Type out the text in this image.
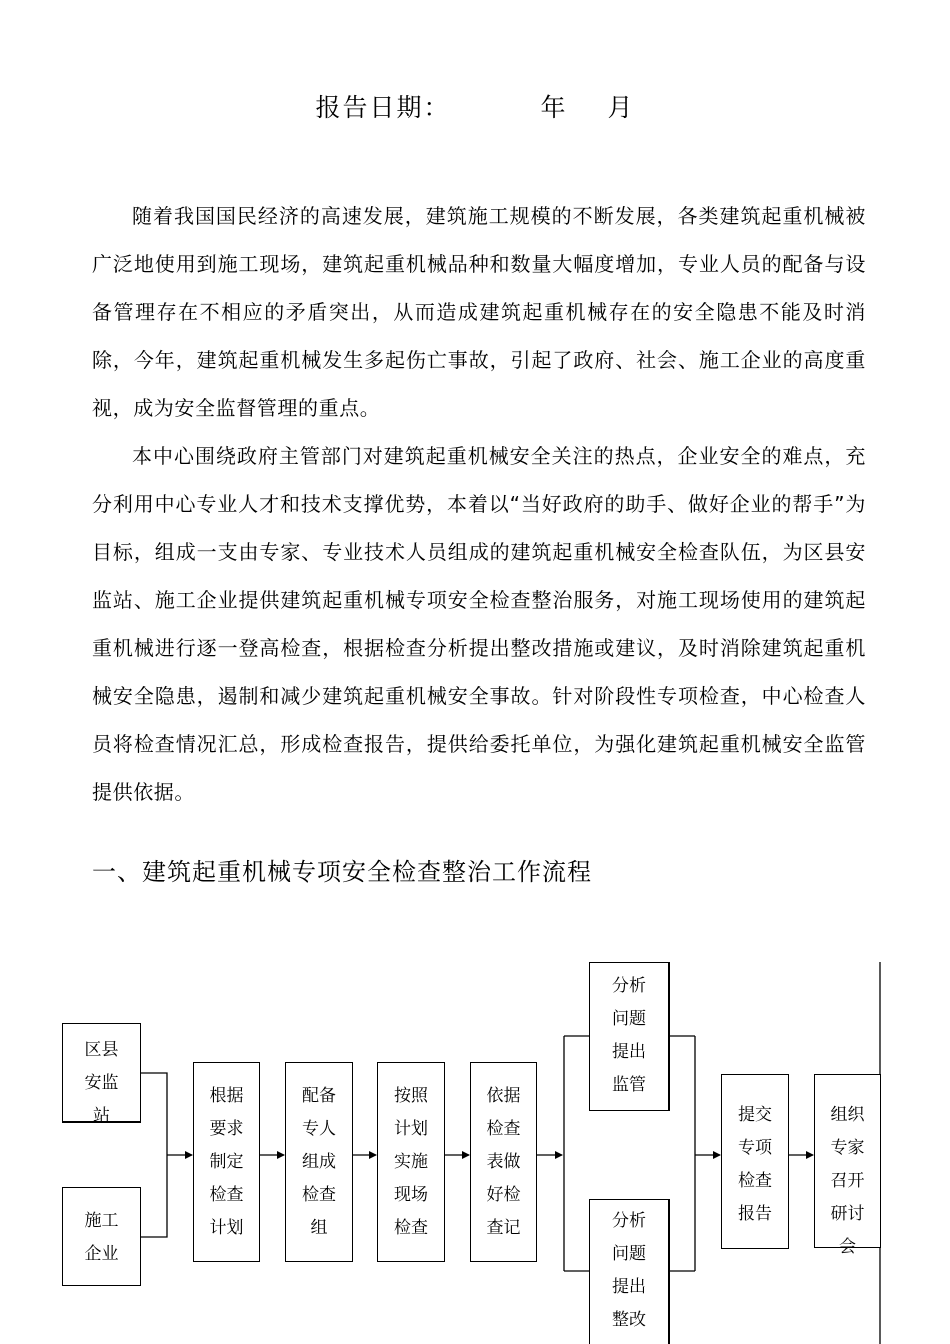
报告日期：	年 月

随着我国国民经济的高速发展，建筑施工规模的不断发展，各类建筑起重机械被广泛地使用到施工现场，建筑起重机械品种和数量大幅度增加，专业人员的配备与设备管理存在不相应的矛盾突出，从而造成建筑起重机械存在的安全隐患不能及时消除，今年，建筑起重机械发生多起伤亡事故，引起了政府、社会、施工企业的高度重视，成为安全监督管理的重点。

本中心围绕政府主管部门对建筑起重机械安全关注的热点，企业安全的难点，充分利用中心专业人才和技术支撑优势，本着以“当好政府的助手、做好企业的帮手”为目标，组成一支由专家、专业技术人员组成的建筑起重机械安全检查队伍，为区县安监站、施工企业提供建筑起重机械专项安全检查整治服务，对施工现场使用的建筑起重机械进行逐一登高检查，根据检查分析提出整改措施或建议，及时消除建筑起重机械安全隐患，遏制和减少建筑起重机械安全事故。针对阶段性专项检查，中心检查人员将检查情况汇总，形成检查报告，提供给委托单位，为强化建筑起重机械安全监管提供依据。

一、建筑起重机械专项安全检查整治工作流程
区县
安监
站
施工
企业
根据
要求
制定
检查
计划
配备
专人
组成
检查
组
按照
计划
实施
现场
检查
依据
检查
表做
好检
查记
分析
问题
提出
监管
分析
问题
提出
整改
提交
专项
检查
报告
组织
专家
召开
研讨
会
